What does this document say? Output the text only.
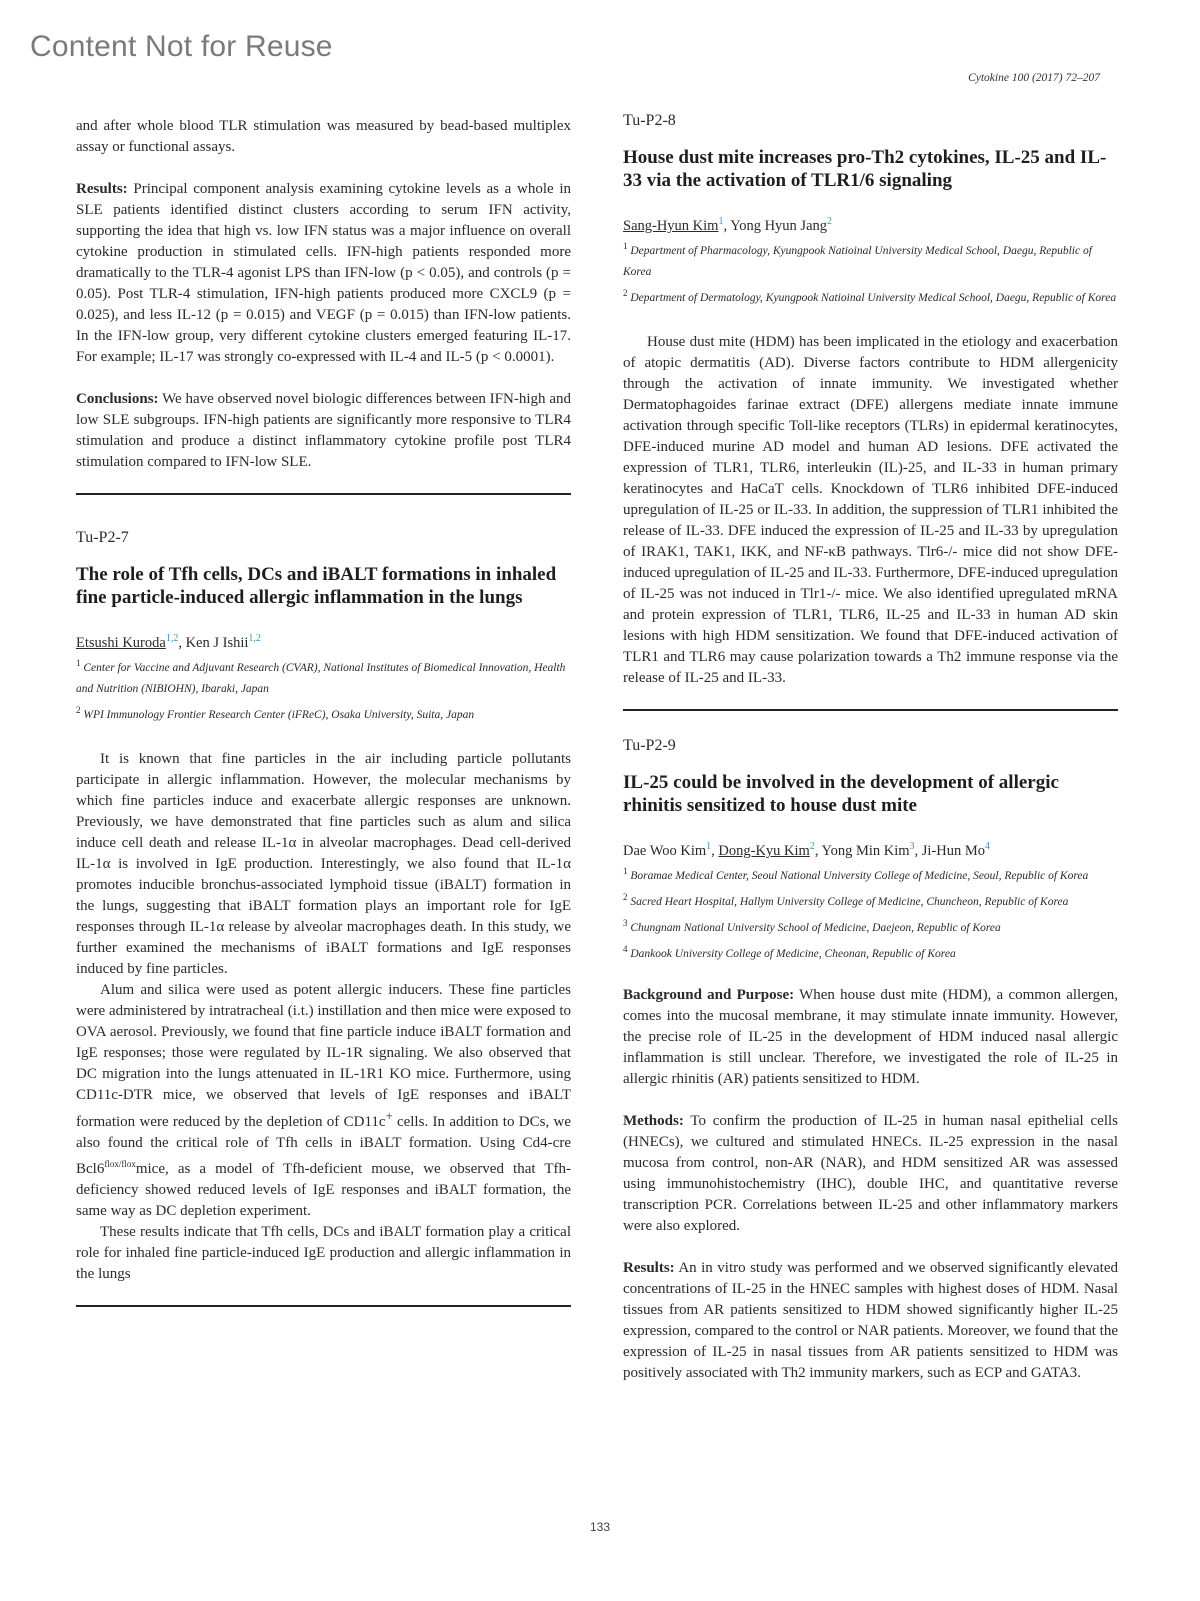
Content Not for Reuse
Cytokine 100 (2017) 72–207

and after whole blood TLR stimulation was measured by bead-based multiplex assay or functional assays.

Results: Principal component analysis examining cytokine levels as a whole in SLE patients identified distinct clusters according to serum IFN activity, supporting the idea that high vs. low IFN status was a major influence on overall cytokine production in stimulated cells. IFN-high patients responded more dramatically to the TLR-4 agonist LPS than IFN-low (p < 0.05), and controls (p = 0.05). Post TLR-4 stimulation, IFN-high patients produced more CXCL9 (p = 0.025), and less IL-12 (p = 0.015) and VEGF (p = 0.015) than IFN-low patients. In the IFN-low group, very different cytokine clusters emerged featuring IL-17. For example; IL-17 was strongly co-expressed with IL-4 and IL-5 (p < 0.0001).

Conclusions: We have observed novel biologic differences between IFN-high and low SLE subgroups. IFN-high patients are significantly more responsive to TLR4 stimulation and produce a distinct inflammatory cytokine profile post TLR4 stimulation compared to IFN-low SLE.

Tu-P2-7
The role of Tfh cells, DCs and iBALT formations in inhaled fine particle-induced allergic inflammation in the lungs
Etsushi Kuroda$^{1,2}$, Ken J Ishii$^{1,2}$
$^1$ Center for Vaccine and Adjuvant Research (CVAR), National Institutes of Biomedical Innovation, Health and Nutrition (NIBIOHN), Ibaraki, Japan
$^2$ WPI Immunology Frontier Research Center (iFReC), Osaka University, Suita, Japan

It is known that fine particles in the air including particle pollutants participate in allergic inflammation. However, the molecular mechanisms by which fine particles induce and exacerbate allergic responses are unknown. Previously, we have demonstrated that fine particles such as alum and silica induce cell death and release IL-1α in alveolar macrophages. Dead cell-derived IL-1α is involved in IgE production. Interestingly, we also found that IL-1α promotes inducible bronchus-associated lymphoid tissue (iBALT) formation in the lungs, suggesting that iBALT formation plays an important role for IgE responses through IL-1α release by alveolar macrophages death. In this study, we further examined the mechanisms of iBALT formations and IgE responses induced by fine particles.

Alum and silica were used as potent allergic inducers. These fine particles were administered by intratracheal (i.t.) instillation and then mice were exposed to OVA aerosol. Previously, we found that fine particle induce iBALT formation and IgE responses; those were regulated by IL-1R signaling. We also observed that DC migration into the lungs attenuated in IL-1R1 KO mice. Furthermore, using CD11c-DTR mice, we observed that levels of IgE responses and iBALT formation were reduced by the depletion of CD11c+ cells. In addition to DCs, we also found the critical role of Tfh cells in iBALT formation. Using Cd4-cre $Bcl6^{flox/flox}mice$, as a model of Tfh-deficient mouse, we observed that Tfh-deficiency showed reduced levels of IgE responses and iBALT formation, the same way as DC depletion experiment.

These results indicate that Tfh cells, DCs and iBALT formation play a critical role for inhaled fine particle-induced IgE production and allergic inflammation in the lungs

Tu-P2-8
House dust mite increases pro-Th2 cytokines, IL-25 and IL-33 via the activation of TLR1/6 signaling
Sang-Hyun Kim$^1$, Yong Hyun Jang$^2$
$^1$ Department of Pharmacology, Kyungpook Natioinal University Medical School, Daegu, Republic of Korea
$^2$ Department of Dermatology, Kyungpook Natioinal University Medical School, Daegu, Republic of Korea

House dust mite (HDM) has been implicated in the etiology and exacerbation of atopic dermatitis (AD). Diverse factors contribute to HDM allergenicity through the activation of innate immunity. We investigated whether Dermatophagoides farinae extract (DFE) allergens mediate innate immune activation through specific Toll-like receptors (TLRs) in epidermal keratinocytes, DFE-induced murine AD model and human AD lesions. DFE activated the expression of TLR1, TLR6, interleukin (IL)-25, and IL-33 in human primary keratinocytes and HaCaT cells. Knockdown of TLR6 inhibited DFE-induced upregulation of IL-25 or IL-33. In addition, the suppression of TLR1 inhibited the release of IL-33. DFE induced the expression of IL-25 and IL-33 by upregulation of IRAK1, TAK1, IKK, and NF-κB pathways. Tlr6-/- mice did not show DFE-induced upregulation of IL-25 and IL-33. Furthermore, DFE-induced upregulation of IL-25 was not induced in Tlr1-/- mice. We also identified upregulated mRNA and protein expression of TLR1, TLR6, IL-25 and IL-33 in human AD skin lesions with high HDM sensitization. We found that DFE-induced activation of TLR1 and TLR6 may cause polarization towards a Th2 immune response via the release of IL-25 and IL-33.

Tu-P2-9
IL-25 could be involved in the development of allergic rhinitis sensitized to house dust mite
Dae Woo Kim$^1$, Dong-Kyu Kim$^2$, Yong Min Kim$^3$, Ji-Hun Mo$^4$
$^1$ Boramae Medical Center, Seoul National University College of Medicine, Seoul, Republic of Korea
$^2$ Sacred Heart Hospital, Hallym University College of Medicine, Chuncheon, Republic of Korea
$^3$ Chungnam National University School of Medicine, Daejeon, Republic of Korea
$^4$ Dankook University College of Medicine, Cheonan, Republic of Korea

Background and Purpose: When house dust mite (HDM), a common allergen, comes into the mucosal membrane, it may stimulate innate immunity. However, the precise role of IL-25 in the development of HDM induced nasal allergic inflammation is still unclear. Therefore, we investigated the role of IL-25 in allergic rhinitis (AR) patients sensitized to HDM.

Methods: To confirm the production of IL-25 in human nasal epithelial cells (HNECs), we cultured and stimulated HNECs. IL-25 expression in the nasal mucosa from control, non-AR (NAR), and HDM sensitized AR was assessed using immunohistochemistry (IHC), double IHC, and quantitative reverse transcription PCR. Correlations between IL-25 and other inflammatory markers were also explored.

Results: An in vitro study was performed and we observed significantly elevated concentrations of IL-25 in the HNEC samples with highest doses of HDM. Nasal tissues from AR patients sensitized to HDM showed significantly higher IL-25 expression, compared to the control or NAR patients. Moreover, we found that the expression of IL-25 in nasal tissues from AR patients sensitized to HDM was positively associated with Th2 immunity markers, such as ECP and GATA3.

133
